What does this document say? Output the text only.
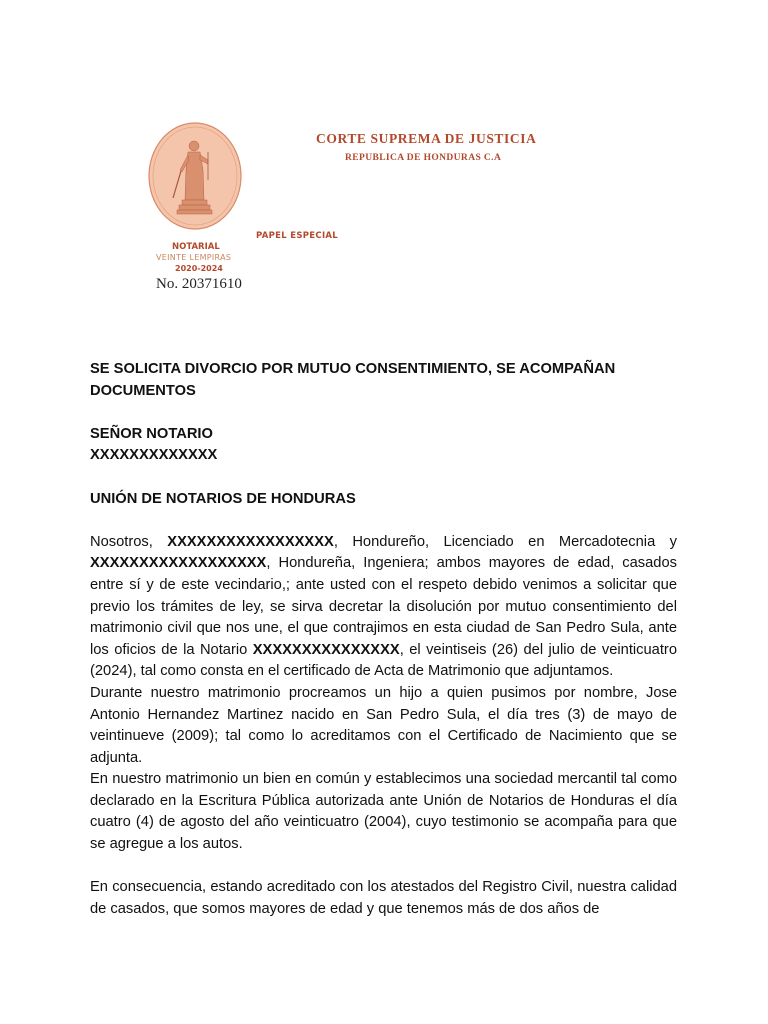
CORTE SUPREMA DE JUSTICIA
REPUBLICA DE HONDURAS C.A
PAPEL ESPECIAL
NOTARIAL
VEINTE LEMPIRAS
2020-2024
No. 20371610

SE SOLICITA DIVORCIO POR MUTUO CONSENTIMIENTO, SE ACOMPAÑAN DOCUMENTOS

SEÑOR NOTARIO

XXXXXXXXXXXXX

UNIÓN DE NOTARIOS DE HONDURAS

Nosotros, XXXXXXXXXXXXXXXXX, Hondureño, Licenciado en Mercadotecnia y XXXXXXXXXXXXXXXXXX, Hondureña, Ingeniera; ambos mayores de edad, casados entre sí y de este vecindario,; ante usted con el respeto debido venimos a solicitar que previo los trámites de ley, se sirva decretar la disolución por mutuo consentimiento del matrimonio civil que nos une, el que contrajimos en esta ciudad de San Pedro Sula, ante los oficios de la Notario XXXXXXXXXXXXXXX, el veintiseis (26) del julio de veinticuatro (2024), tal como consta en el certificado de Acta de Matrimonio que adjuntamos.

Durante nuestro matrimonio procreamos un hijo a quien pusimos por nombre, Jose Antonio Hernandez Martinez nacido en San Pedro Sula, el día tres (3) de mayo de veintinueve (2009); tal como lo acreditamos con el Certificado de Nacimiento que se adjunta.

En nuestro matrimonio un bien en común y establecimos una sociedad mercantil tal como declarado en la Escritura Pública autorizada ante Unión de Notarios de Honduras el día cuatro (4) de agosto del año veinticuatro (2004), cuyo testimonio se acompaña para que se agregue a los autos.

En consecuencia, estando acreditado con los atestados del Registro Civil, nuestra calidad de casados, que somos mayores de edad y que tenemos más de dos años de
